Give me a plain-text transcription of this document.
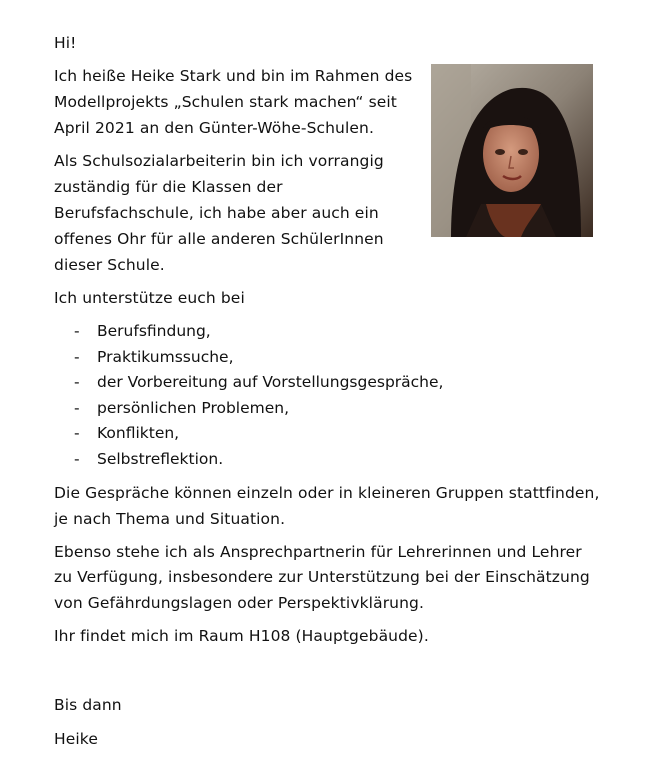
Hi!
Ich heiße Heike Stark und bin im Rahmen des
Modellprojekts „Schulen stark machen“ seit
April 2021 an den Günter-Wöhe-Schulen.
Als Schulsozialarbeiterin bin ich vorrangig
zuständig für die Klassen der
Berufsfachschule, ich habe aber auch ein
offenes Ohr für alle anderen SchülerInnen
dieser Schule.
Ich unterstütze euch bei
- Berufsfindung,
- Praktikumssuche,
- der Vorbereitung auf Vorstellungsgespräche,
- persönlichen Problemen,
- Konflikten,
- Selbstreflektion.
Die Gespräche können einzeln oder in kleineren Gruppen stattfinden,
je nach Thema und Situation.
Ebenso stehe ich als Ansprechpartnerin für Lehrerinnen und Lehrer
zu Verfügung, insbesondere zur Unterstützung bei der Einschätzung
von Gefährdungslagen oder Perspektivklärung.
Ihr findet mich im Raum H108 (Hauptgebäude).
Bis dann
Heike
